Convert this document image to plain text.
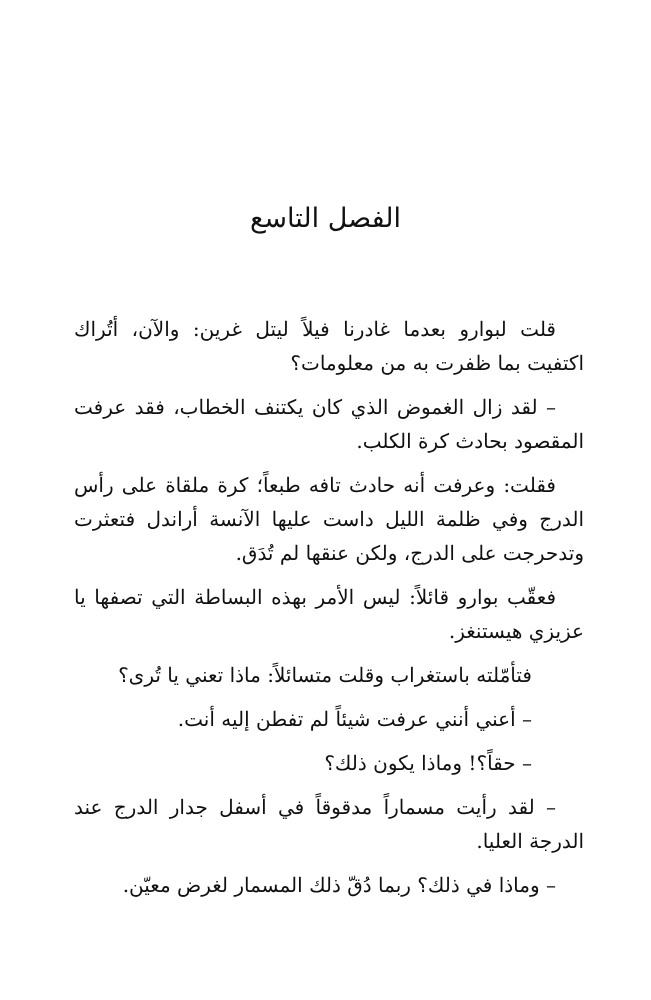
الفصل التاسع

قلت لبوارو بعدما غادرنا فيلاً ليتل غرين: والآن، أتُراك اكتفيت بما ظفرت به من معلومات؟

– لقد زال الغموض الذي كان يكتنف الخطاب، فقد عرفت المقصود بحادث كرة الكلب.

فقلت: وعرفت أنه حادث تافه طبعاً؛ كرة ملقاة على رأس الدرج وفي ظلمة الليل داست عليها الآنسة أراندل فتعثرت وتدحرجت على الدرج، ولكن عنقها لم تُدَق.

فعقّب بوارو قائلاً: ليس الأمر بهذه البساطة التي تصفها يا عزيزي هيستنغز.

فتأمّلته باستغراب وقلت متسائلاً: ماذا تعني يا تُرى؟

– أعني أنني عرفت شيئاً لم تفطن إليه أنت.

– حقاً؟! وماذا يكون ذلك؟

– لقد رأيت مسماراً مدقوقاً في أسفل جدار الدرج عند الدرجة العليا.

– وماذا في ذلك؟ ربما دُقّ ذلك المسمار لغرض معيّن.
